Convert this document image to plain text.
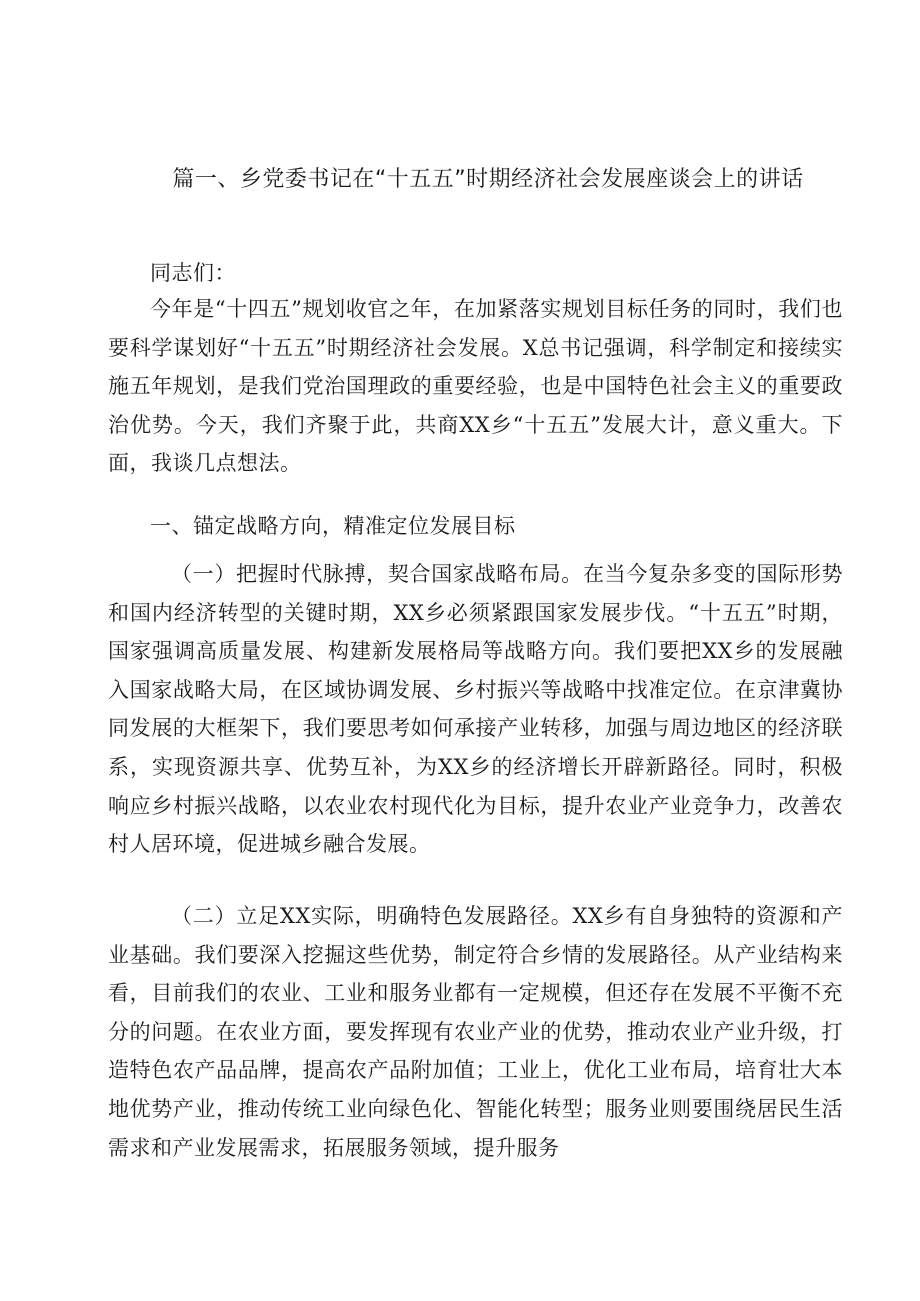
篇一、乡党委书记在“十五五”时期经济社会发展座谈会上的讲话

同志们：

今年是“十四五”规划收官之年，在加紧落实规划目标任务的同时，我们也要科学谋划好“十五五”时期经济社会发展。X总书记强调，科学制定和接续实施五年规划，是我们党治国理政的重要经验，也是中国特色社会主义的重要政治优势。今天，我们齐聚于此，共商XX乡“十五五”发展大计，意义重大。下面，我谈几点想法。

一、锚定战略方向，精准定位发展目标

（一）把握时代脉搏，契合国家战略布局。在当今复杂多变的国际形势和国内经济转型的关键时期，XX乡必须紧跟国家发展步伐。“十五五”时期，国家强调高质量发展、构建新发展格局等战略方向。我们要把XX乡的发展融入国家战略大局，在区域协调发展、乡村振兴等战略中找准定位。在京津冀协同发展的大框架下，我们要思考如何承接产业转移，加强与周边地区的经济联系，实现资源共享、优势互补，为XX乡的经济增长开辟新路径。同时，积极响应乡村振兴战略，以农业农村现代化为目标，提升农业产业竞争力，改善农村人居环境，促进城乡融合发展。

（二）立足XX实际，明确特色发展路径。XX乡有自身独特的资源和产业基础。我们要深入挖掘这些优势，制定符合乡情的发展路径。从产业结构来看，目前我们的农业、工业和服务业都有一定规模，但还存在发展不平衡不充分的问题。在农业方面，要发挥现有农业产业的优势，推动农业产业升级，打造特色农产品品牌，提高农产品附加值；工业上，优化工业布局，培育壮大本地优势产业，推动传统工业向绿色化、智能化转型；服务业则要围绕居民生活需求和产业发展需求，拓展服务领域，提升服务
